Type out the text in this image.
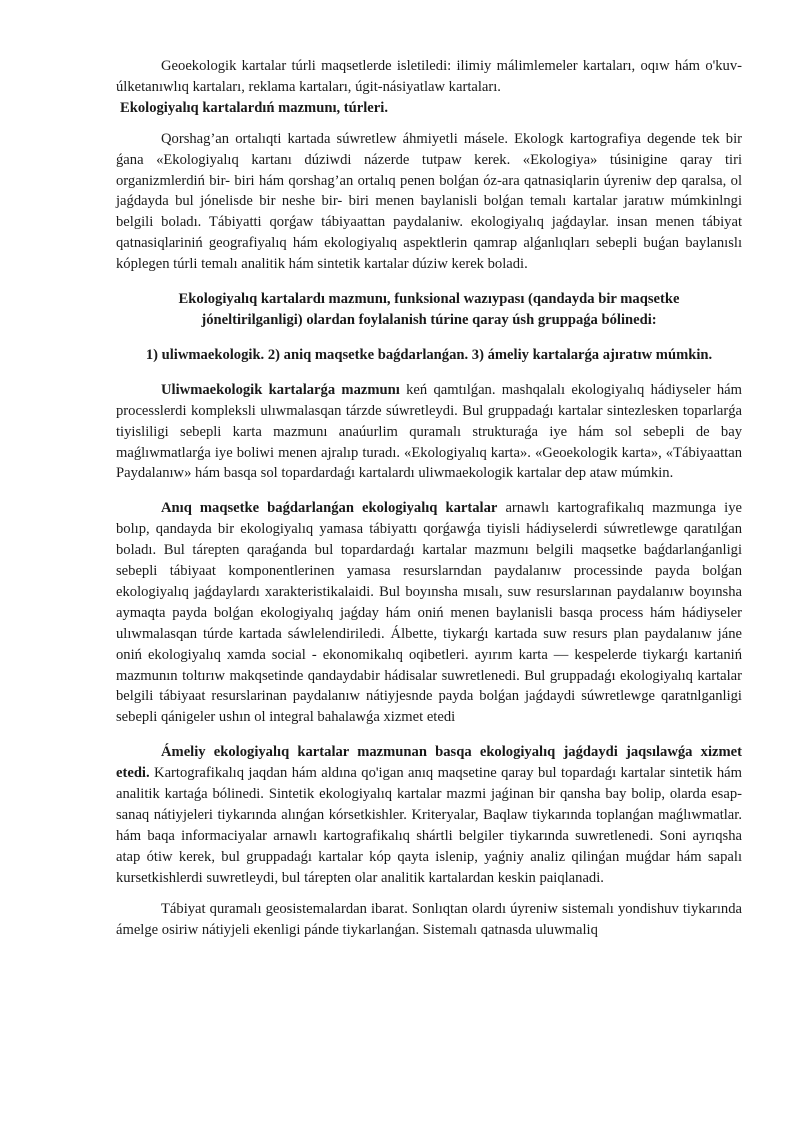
Geoekologik kartalar túrli maqsetlerde isletiledi: ilimiy málimlemeler kartaları, oqıw hám o'kuv-úlketanıwlıq kartaları, reklama kartaları, úgit-násiyatlaw kartaları.

Ekologiyalıq kartalardıń mazmunı, túrleri.

Qorshag’an ortalıqti kartada súwretlew áhmiyetli másele. Ekologk kartografiya degende tek bir ǵana «Ekologiyalıq kartanı dúziwdi názerde tutpaw kerek. «Ekologiya» túsinigine qaray tiri organizmlerdiń bir- biri hám qorshag’an ortalıq penen bolǵan óz-ara qatnasiqlarin úyreniw dep qaralsa, ol jaǵdayda bul jónelisde bir neshe bir- biri menen baylanisli bolǵan temalı kartalar jaratıw múmkinlngi belgili boladı. Tábiyatti qorǵaw tábiyaattan paydalaniw. ekologiyalıq jaǵdaylar. insan menen tábiyat qatnasiqlariniń geografiyalıq hám ekologiyalıq aspektlerin qamrap alǵanlıqları sebepli buǵan baylanıslı kóplegen túrli temalı analitik hám sintetik kartalar dúziw kerek boladi.

Ekologiyalıq kartalardı mazmunı, funksional wazıypası (qandayda bir maqsetke

jóneltirilganligi) olardan foylalanish túrine qaray úsh gruppaǵa bólinedi:

1) uliwmaekologik. 2) aniq maqsetke baǵdarlanǵan. 3) ámeliy kartalarǵa ajıratıw múmkin.

Uliwmaekologik kartalarǵa mazmunı keń qamtılǵan. mashqalalı ekologiyalıq hádiyseler hám processlerdi kompleksli ulıwmalasqan tárzde súwretleydi. Bul gruppadaǵı kartalar sintezlesken toparlarǵa tiyisliligi sebepli karta mazmunı anaúurlim quramalı strukturaǵa iye hám sol sebepli de bay maǵlıwmatlarǵa iye boliwi menen ajralıp turadı. «Ekologiyalıq karta». «Geoekologik karta», «Tábiyaattan Paydalanıw» hám basqa sol topardardaǵı kartalardı uliwmaekologik kartalar dep ataw múmkin.

Anıq maqsetke baǵdarlanǵan ekologiyalıq kartalar arnawlı kartografikalıq mazmunga iye bolıp, qandayda bir ekologiyalıq yamasa tábiyattı qorǵawǵa tiyisli hádiyselerdi súwretlewge qaratılǵan boladı. Bul tárepten qaraǵanda bul topardardaǵı kartalar mazmunı belgili maqsetke baǵdarlanǵanligi sebepli tábiyaat komponentlerinen yamasa resurslarndan paydalanıw processinde payda bolǵan ekologiyalıq jaǵdaylardı xarakteristikalaidi. Bul boyınsha mısalı, suw resurslarınan paydalanıw boyınsha aymaqta payda bolǵan ekologiyalıq jaǵday hám oniń menen baylanisli basqa process hám hádiyseler ulıwmalasqan túrde kartada sáwlelendiriledi. Álbette, tiykarǵı kartada suw resurs plan paydalanıw jáne oniń ekologiyalıq xamda social - ekonomikalıq oqibetleri. ayırım karta — kespelerde tiykarǵı kartaniń mazmunın toltırıw makqsetinde qandaydabir hádisalar suwretlenedi. Bul gruppadaǵı ekologiyalıq kartalar belgili tábiyaat resurslarinan paydalanıw nátiyjesnde payda bolǵan jaǵdaydi súwretlewge qaratnlganligi sebepli qánigeler ushın ol integral bahalawǵa xizmet etedi

Ámeliy ekologiyalıq kartalar mazmunan basqa ekologiyalıq jaǵdaydi jaqsılawǵa xizmet etedi. Kartografikalıq jaqdan hám aldına qo'igan anıq maqsetine qaray bul topardaǵı kartalar sintetik hám analitik kartaǵa bólinedi. Sintetik ekologiyalıq kartalar mazmi jaǵinan bir qansha bay bolip, olarda esap-sanaq nátiyjeleri tiykarında alınǵan kórsetkishler. Kriteryalar, Baqlaw tiykarında toplanǵan maǵlıwmatlar. hám baqa informaciyalar arnawlı kartografikalıq shártli belgiler tiykarında suwretlenedi. Soni ayrıqsha atap ótiw kerek, bul gruppadaǵı kartalar kóp qayta islenip, yaǵniy analiz qilinǵan muǵdar hám sapalı kursetkishlerdi suwretleydi, bul tárepten olar analitik kartalardan keskin paiqlanadi.

Tábiyat quramalı geosistemalardan ibarat. Sonlıqtan olardı úyreniw sistemalı yondishuv tiykarında ámelge osiriw nátiyjeli ekenligi pánde tiykarlanǵan. Sistemalı qatnasda uluwmaliq
